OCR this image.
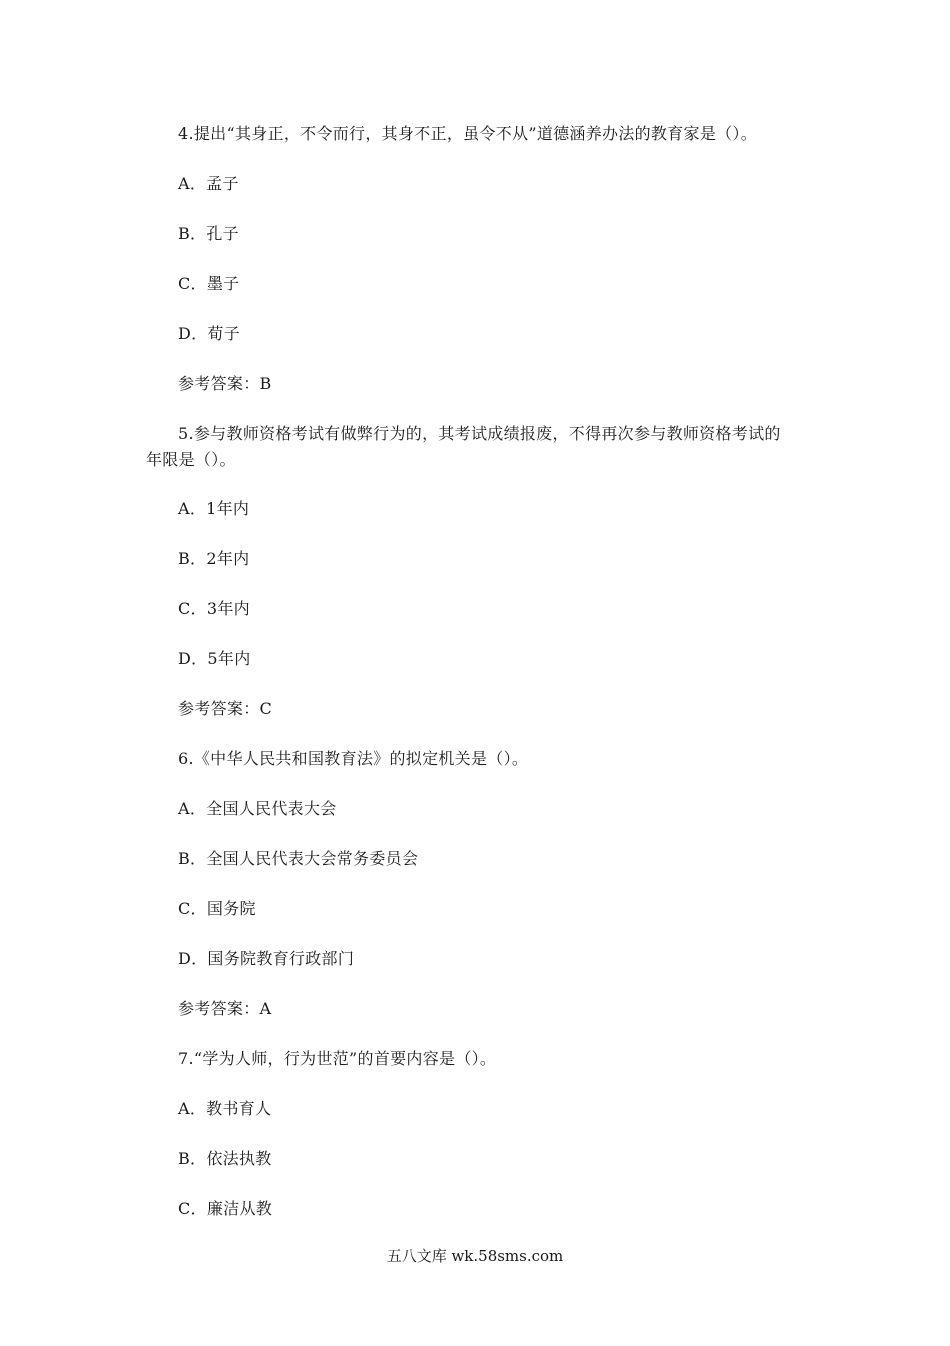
4.提出“其身正，不令而行，其身不正，虽令不从”道德涵养办法的教育家是（）。
A．孟子
B．孔子
C．墨子
D．荀子
参考答案：B
5.参与教师资格考试有做弊行为的，其考试成绩报废，不得再次参与教师资格考试的
年限是（）。
A．1年内
B．2年内
C．3年内
D．5年内
参考答案：C
6.《中华人民共和国教育法》的拟定机关是（）。
A．全国人民代表大会
B．全国人民代表大会常务委员会
C．国务院
D．国务院教育行政部门
参考答案：A
7.“学为人师，行为世范”的首要内容是（）。
A．教书育人
B．依法执教
C．廉洁从教
五八文库 wk.58sms.com
